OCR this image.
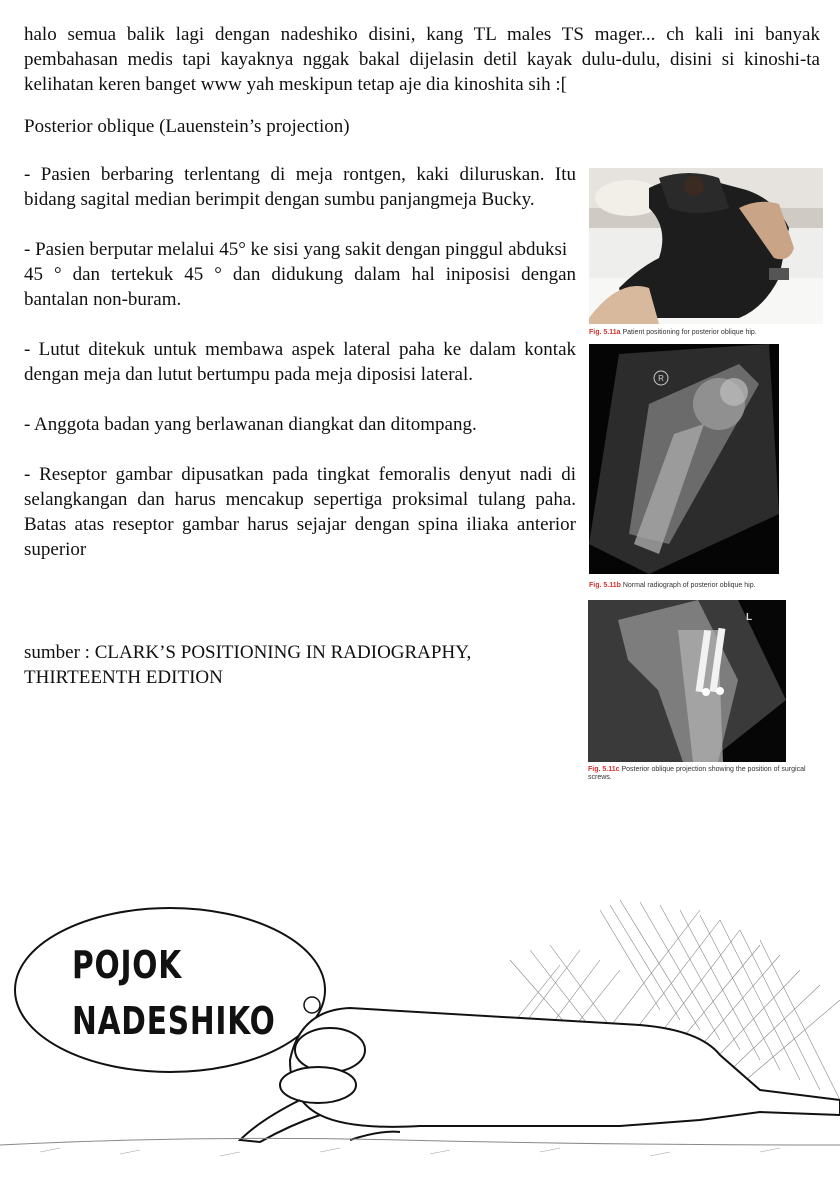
halo semua balik lagi dengan nadeshiko disini, kang TL males TS mager... ch kali ini banyak pembahasan medis tapi kayaknya nggak bakal dijelasin detil kayak dulu-dulu, disini si kinoshi-ta kelihatan keren banget www yah meskipun tetap aje dia kinoshita sih :[
Posterior oblique (Lauenstein’s projection)

- Pasien berbaring terlentang di meja rontgen, kaki diluruskan. Itu bidang sagital median berimpit dengan sumbu panjangmeja Bucky.

- Pasien berputar melalui 45° ke sisi yang sakit dengan pinggul abduksi

45 ° dan tertekuk 45 ° dan didukung dalam hal iniposisi dengan bantalan non-buram.

- Lutut ditekuk untuk membawa aspek lateral paha ke dalam kontak dengan meja dan lutut bertumpu pada meja diposisi lateral.

- Anggota badan yang berlawanan diangkat dan ditompang.

- Reseptor gambar dipusatkan pada tingkat femoralis denyut nadi di selangkangan dan harus mencakup sepertiga proksimal tulang paha. Batas atas reseptor gambar harus sejajar dengan spina iliaka anterior superior

sumber : CLARK’S POSITIONING IN RADIOGRAPHY,
THIRTEENTH EDITION
Fig. 5.11a Patient positioning for posterior oblique hip.
R
Fig. 5.11b Normal radiograph of posterior oblique hip.
L
Fig. 5.11c Posterior oblique projection showing the position of surgical screws.
POJOK
NADESHIKO
